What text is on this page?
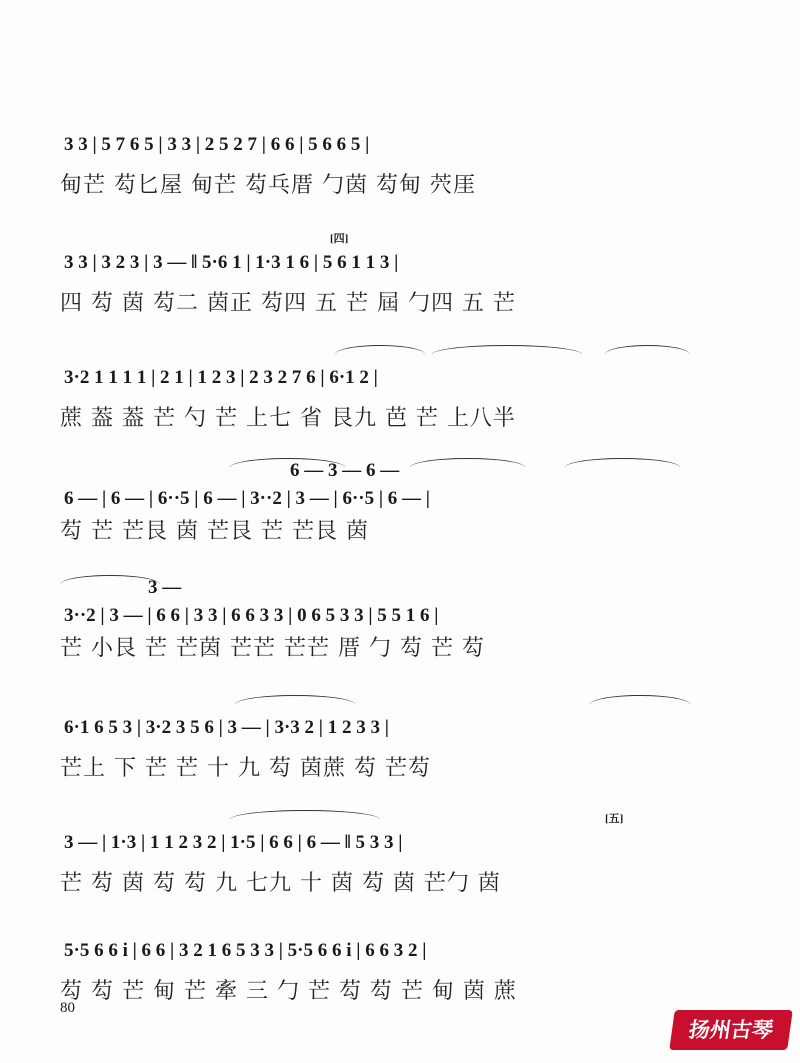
3 3 | 5 7 6 5 | 3 3 | 2 5 2 7 | 6 6 | 5 6 6 5 |
甸芒 芶匕屋 甸芒 芶乓厝 勹茵 芶甸 茓厓
[四]
3 3 | 3 2 3 | 3 — ‖ 5·6 1 | 1·3 1 6 | 5 6 1 1 3 |
四 芶 茵 芶二 茵正 芶四 五 芒 屆 勹四 五 芒
3·2 1 1 1 1 | 2 1 | 1 2 3 | 2 3 2 7 6 | 6·1 2 |
蔗 葢 葢 芒 勺 芒 上七 省 艮九 芭 芒 上八半
6 — 3 — 6 —
6 — | 6 — | 6··5 | 6 — | 3··2 | 3 — | 6··5 | 6 — |
芶 芒 芒艮 茵 芒艮 芒 芒艮 茵
3 —
3··2 | 3 — | 6 6 | 3 3 | 6 6 3 3 | 0 6 5 3 3 | 5 5 1 6 |
芒 小艮 芒 芒茵 芒芒 芒芒 厝 勹 芶 芒 芶
6·1 6 5 3 | 3·2 3 5 6 | 3 — | 3·3 2 | 1 2 3 3 |
芒上 下 芒 芒 十 九 芶 茵蔗 芶 芒芶
[五]
3 — | 1·3 | 1 1 2 3 2 | 1·5 | 6 6 | 6 — ‖ 5 3 3 |
芒 芶 茵 芶 芶 九 七九 十 茵 芶 茵 芒勹 茵
5·5 6 6 i | 6 6 | 3 2 1 6 5 3 3 | 5·5 6 6 i | 6 6 3 2 |
芶 芶 芒 甸 芒 牽 三 勹 芒 芶 芶 芒 甸 茵 蔗
80
扬州古琴
